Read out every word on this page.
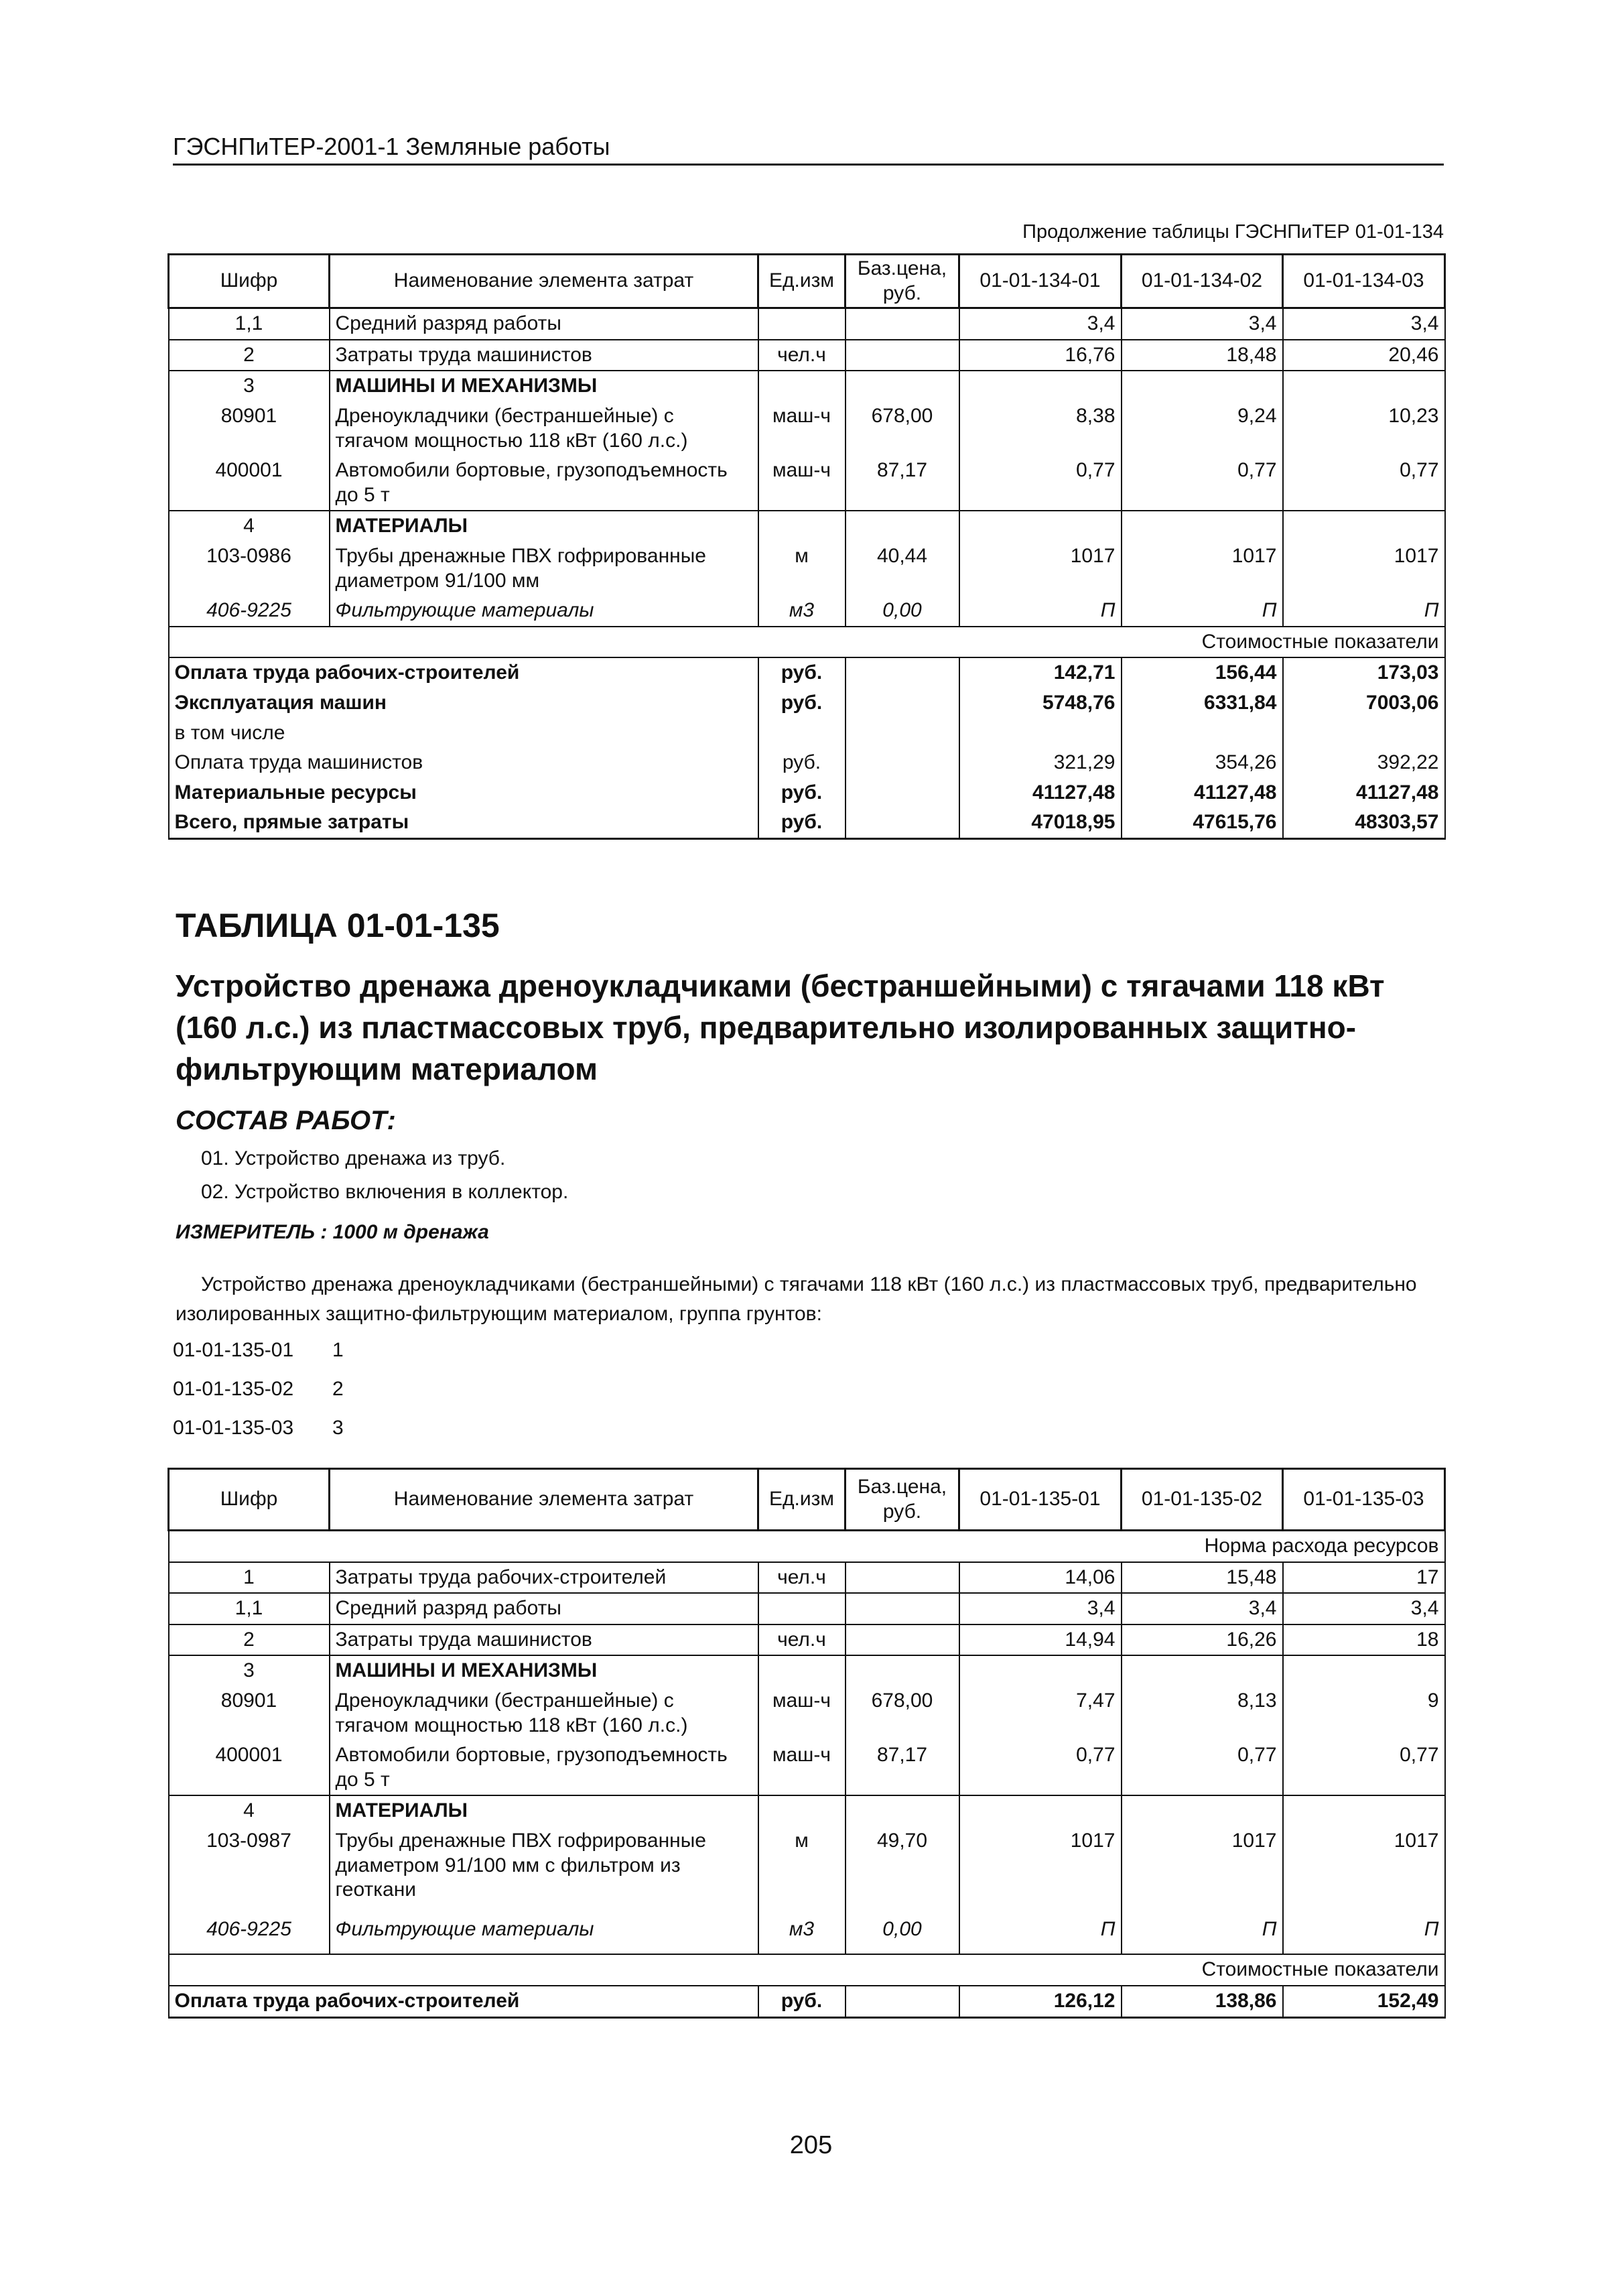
ГЭСНПиТЕР-2001-1 Земляные работы
Продолжение таблицы ГЭСНПиТЕР 01-01-134
Шифр	Наименование элемента затрат	Ед.изм	Баз.цена, руб.	01-01-134-01	01-01-134-02	01-01-134-03
1,1	Средний разряд работы			3,4	3,4	3,4
2	Затраты труда машинистов	чел.ч		16,76	18,48	20,46
3	МАШИНЫ И МЕХАНИЗМЫ					
80901	Дреноукладчики (бестраншейные) с тягачом мощностью 118 кВт (160 л.с.)	маш-ч	678,00	8,38	9,24	10,23
400001	Автомобили бортовые, грузоподъемность до 5 т	маш-ч	87,17	0,77	0,77	0,77
4	МАТЕРИАЛЫ					
103-0986	Трубы дренажные ПВХ гофрированные диаметром 91/100 мм	м	40,44	1017	1017	1017
406-9225	Фильтрующие материалы	м3	0,00	П	П	П
Стоимостные показатели						
Оплата труда рабочих-строителей		руб.		142,71	156,44	173,03
Эксплуатация машин		руб.		5748,76	6331,84	7003,06
в том числе						
Оплата труда машинистов		руб.		321,29	354,26	392,22
Материальные ресурсы		руб.		41127,48	41127,48	41127,48
Всего, прямые затраты		руб.		47018,95	47615,76	48303,57
ТАБЛИЦА 01-01-135
Устройство дренажа дреноукладчиками (бестраншейными) с тягачами 118 кВт (160 л.с.) из пластмассовых труб, предварительно изолированных защитно-фильтрующим материалом
СОСТАВ РАБОТ:
01. Устройство дренажа из труб.
02. Устройство включения в коллектор.
ИЗМЕРИТЕЛЬ : 1000 м дренажа
Устройство дренажа дреноукладчиками (бестраншейными) с тягачами 118 кВт (160 л.с.) из пластмассовых труб, предварительно изолированных защитно-фильтрующим материалом, группа грунтов:
01-01-135-01 1
01-01-135-02 2
01-01-135-03 3
Шифр	Наименование элемента затрат	Ед.изм	Баз.цена, руб.	01-01-135-01	01-01-135-02	01-01-135-03
Норма расхода ресурсов						
1	Затраты труда рабочих-строителей	чел.ч		14,06	15,48	17
1,1	Средний разряд работы			3,4	3,4	3,4
2	Затраты труда машинистов	чел.ч		14,94	16,26	18
3	МАШИНЫ И МЕХАНИЗМЫ					
80901	Дреноукладчики (бестраншейные) с тягачом мощностью 118 кВт (160 л.с.)	маш-ч	678,00	7,47	8,13	9
400001	Автомобили бортовые, грузоподъемность до 5 т	маш-ч	87,17	0,77	0,77	0,77
4	МАТЕРИАЛЫ					
103-0987	Трубы дренажные ПВХ гофрированные диаметром 91/100 мм с фильтром из геоткани	м	49,70	1017	1017	1017
406-9225	Фильтрующие материалы	м3	0,00	П	П	П
Стоимостные показатели						
Оплата труда рабочих-строителей		руб.		126,12	138,86	152,49
205
